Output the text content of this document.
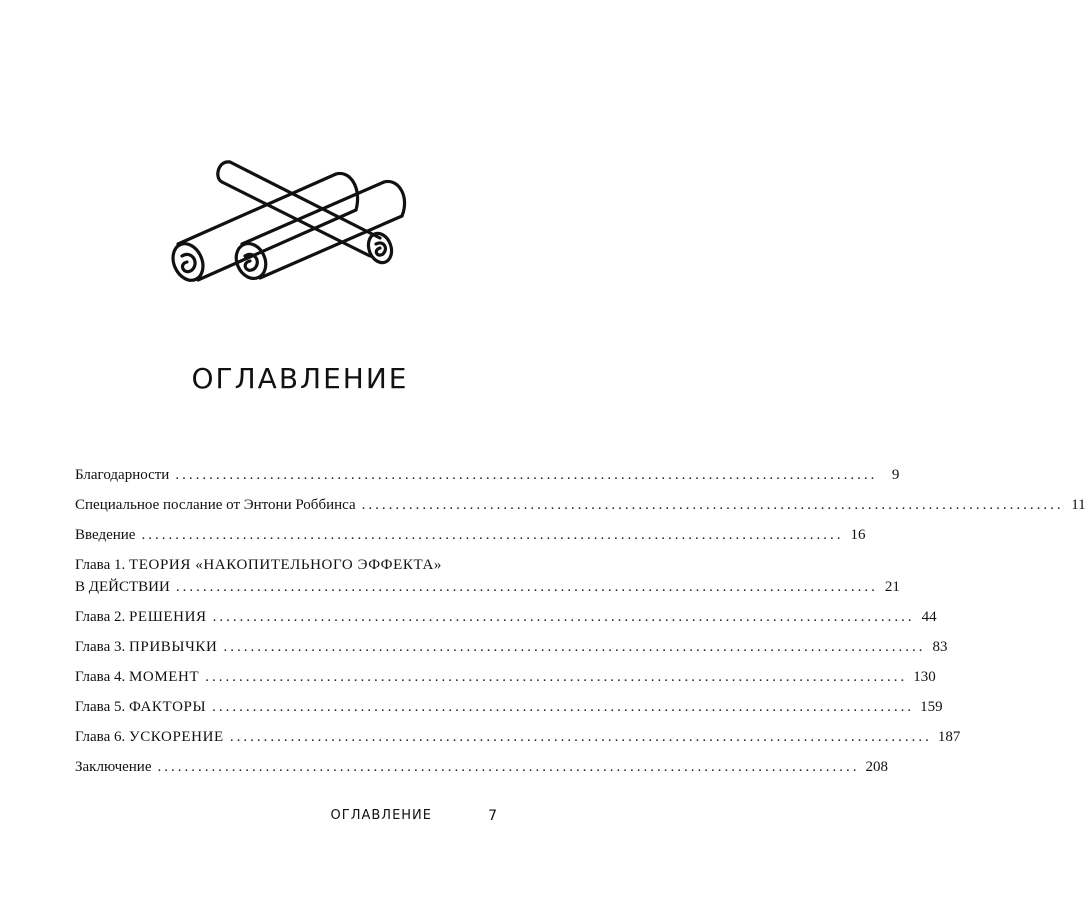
ОГЛАВЛЕНИЕ
Благодарности ........................................................................................................ 9
Специальное послание от Энтони Роббинса ........................................................................................................ 11
Введение ........................................................................................................ 16
Глава 1. ТЕОРИЯ «НАКОПИТЕЛЬНОГО ЭФФЕКТА»
В ДЕЙСТВИИ ........................................................................................................ 21
Глава 2. РЕШЕНИЯ ........................................................................................................ 44
Глава 3. ПРИВЫЧКИ ........................................................................................................ 83
Глава 4. МОМЕНТ ........................................................................................................ 130
Глава 5. ФАКТОРЫ ........................................................................................................ 159
Глава 6. УСКОРЕНИЕ ........................................................................................................ 187
Заключение ........................................................................................................ 208
ОГЛАВЛЕНИЕ	7
